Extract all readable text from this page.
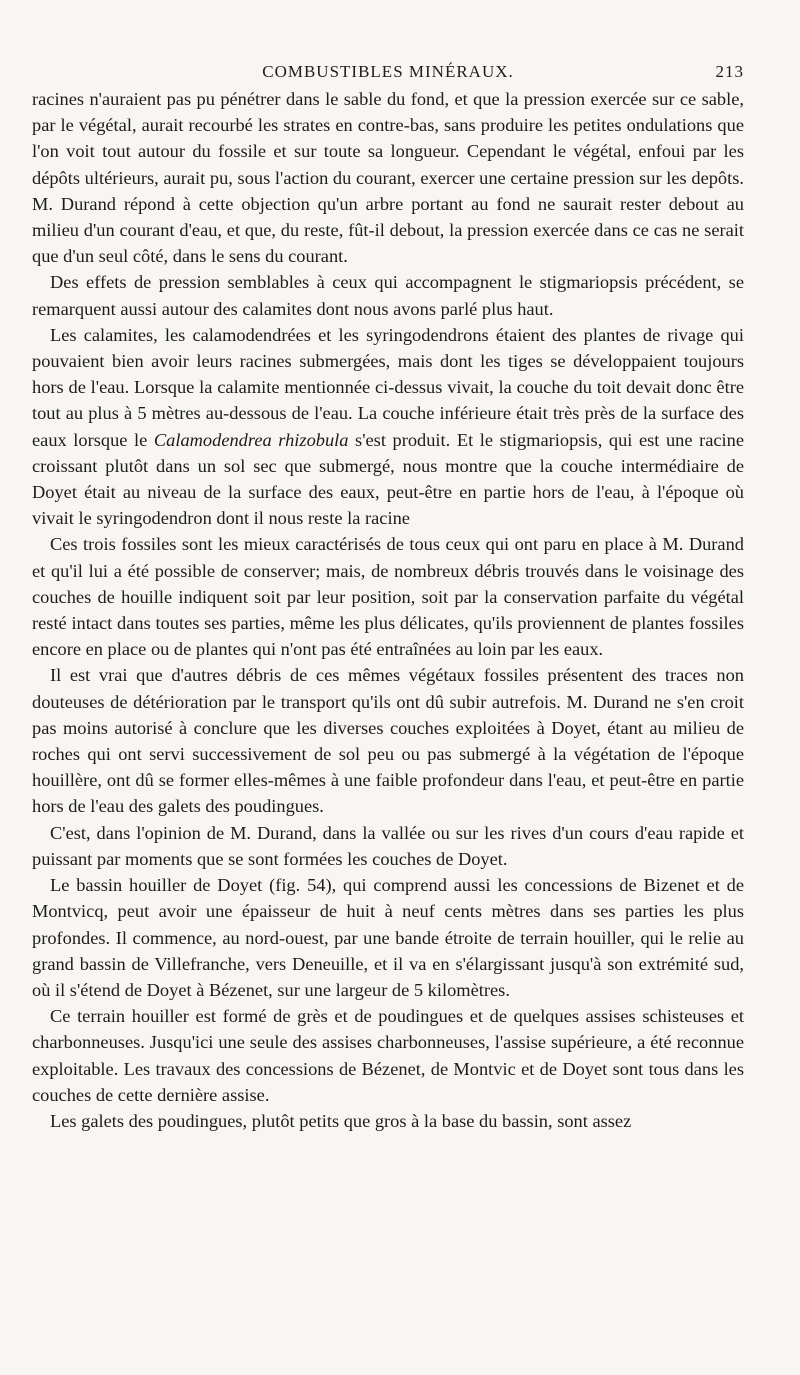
COMBUSTIBLES MINÉRAUX.	213

racines n'auraient pas pu pénétrer dans le sable du fond, et que la pression exercée sur ce sable, par le végétal, aurait recourbé les strates en contre-bas, sans produire les petites ondulations que l'on voit tout autour du fossile et sur toute sa longueur. Cependant le végétal, enfoui par les dépôts ultérieurs, aurait pu, sous l'action du courant, exercer une certaine pression sur les depôts. M. Durand répond à cette objection qu'un arbre portant au fond ne saurait rester debout au milieu d'un courant d'eau, et que, du reste, fût-il debout, la pression exercée dans ce cas ne serait que d'un seul côté, dans le sens du courant.

Des effets de pression semblables à ceux qui accompagnent le stigmariopsis précédent, se remarquent aussi autour des calamites dont nous avons parlé plus haut.

Les calamites, les calamodendrées et les syringodendrons étaient des plantes de rivage qui pouvaient bien avoir leurs racines submergées, mais dont les tiges se développaient toujours hors de l'eau. Lorsque la calamite mentionnée ci-dessus vivait, la couche du toit devait donc être tout au plus à 5 mètres au-dessous de l'eau. La couche inférieure était très près de la surface des eaux lorsque le Calamodendrea rhizobula s'est produit. Et le stigmariopsis, qui est une racine croissant plutôt dans un sol sec que submergé, nous montre que la couche intermédiaire de Doyet était au niveau de la surface des eaux, peut-être en partie hors de l'eau, à l'époque où vivait le syringodendron dont il nous reste la racine

Ces trois fossiles sont les mieux caractérisés de tous ceux qui ont paru en place à M. Durand et qu'il lui a été possible de conserver; mais, de nombreux débris trouvés dans le voisinage des couches de houille indiquent soit par leur position, soit par la conservation parfaite du végétal resté intact dans toutes ses parties, même les plus délicates, qu'ils proviennent de plantes fossiles encore en place ou de plantes qui n'ont pas été entraînées au loin par les eaux.

Il est vrai que d'autres débris de ces mêmes végétaux fossiles présentent des traces non douteuses de détérioration par le transport qu'ils ont dû subir autrefois. M. Durand ne s'en croit pas moins autorisé à conclure que les diverses couches exploitées à Doyet, étant au milieu de roches qui ont servi successivement de sol peu ou pas submergé à la végétation de l'époque houillère, ont dû se former elles-mêmes à une faible profondeur dans l'eau, et peut-être en partie hors de l'eau des galets des poudingues.

C'est, dans l'opinion de M. Durand, dans la vallée ou sur les rives d'un cours d'eau rapide et puissant par moments que se sont formées les couches de Doyet.

Le bassin houiller de Doyet (fig. 54), qui comprend aussi les concessions de Bizenet et de Montvicq, peut avoir une épaisseur de huit à neuf cents mètres dans ses parties les plus profondes. Il commence, au nord-ouest, par une bande étroite de terrain houiller, qui le relie au grand bassin de Villefranche, vers Deneuille, et il va en s'élargissant jusqu'à son extrémité sud, où il s'étend de Doyet à Bézenet, sur une largeur de 5 kilomètres.

Ce terrain houiller est formé de grès et de poudingues et de quelques assises schisteuses et charbonneuses. Jusqu'ici une seule des assises charbonneuses, l'assise supérieure, a été reconnue exploitable. Les travaux des concessions de Bézenet, de Montvic et de Doyet sont tous dans les couches de cette dernière assise.

Les galets des poudingues, plutôt petits que gros à la base du bassin, sont assez
